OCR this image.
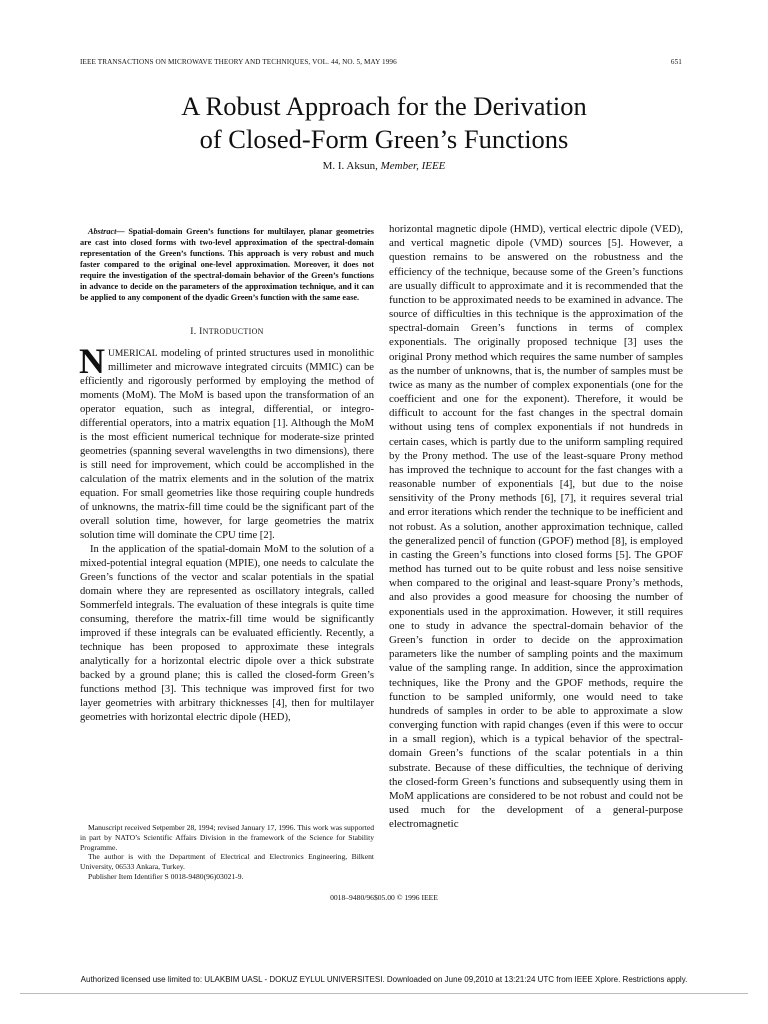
IEEE TRANSACTIONS ON MICROWAVE THEORY AND TECHNIQUES, VOL. 44, NO. 5, MAY 1996	651
A Robust Approach for the Derivation
of Closed-Form Green’s Functions
M. I. Aksun, Member, IEEE

Abstract— Spatial-domain Green’s functions for multilayer, planar geometries are cast into closed forms with two-level approximation of the spectral-domain representation of the Green’s functions. This approach is very robust and much faster compared to the original one-level approximation. Moreover, it does not require the investigation of the spectral-domain behavior of the Green’s functions in advance to decide on the parameters of the approximation technique, and it can be applied to any component of the dyadic Green’s function with the same ease.

I. INTRODUCTION

NUMERICAL modeling of printed structures used in monolithic millimeter and microwave integrated circuits (MMIC) can be efficiently and rigorously performed by employing the method of moments (MoM). The MoM is based upon the transformation of an operator equation, such as integral, differential, or integro-differential operators, into a matrix equation [1]. Although the MoM is the most efficient numerical technique for moderate-size printed geometries (spanning several wavelengths in two dimensions), there is still need for improvement, which could be accomplished in the calculation of the matrix elements and in the solution of the matrix equation. For small geometries like those requiring couple hundreds of unknowns, the matrix-fill time could be the significant part of the overall solution time, however, for large geometries the matrix solution time will dominate the CPU time [2].

In the application of the spatial-domain MoM to the solution of a mixed-potential integral equation (MPIE), one needs to calculate the Green’s functions of the vector and scalar potentials in the spatial domain where they are represented as oscillatory integrals, called Sommerfeld integrals. The evaluation of these integrals is quite time consuming, therefore the matrix-fill time would be significantly improved if these integrals can be evaluated efficiently. Recently, a technique has been proposed to approximate these integrals analytically for a horizontal electric dipole over a thick substrate backed by a ground plane; this is called the closed-form Green’s functions method [3]. This technique was improved first for two layer geometries with arbitrary thicknesses [4], then for multilayer geometries with horizontal electric dipole (HED),

horizontal magnetic dipole (HMD), vertical electric dipole (VED), and vertical magnetic dipole (VMD) sources [5]. However, a question remains to be answered on the robustness and the efficiency of the technique, because some of the Green’s functions are usually difficult to approximate and it is recommended that the function to be approximated needs to be examined in advance. The source of difficulties in this technique is the approximation of the spectral-domain Green’s functions in terms of complex exponentials. The originally proposed technique [3] uses the original Prony method which requires the same number of samples as the number of unknowns, that is, the number of samples must be twice as many as the number of complex exponentials (one for the coefficient and one for the exponent). Therefore, it would be difficult to account for the fast changes in the spectral domain without using tens of complex exponentials if not hundreds in certain cases, which is partly due to the uniform sampling required by the Prony method. The use of the least-square Prony method has improved the technique to account for the fast changes with a reasonable number of exponentials [4], but due to the noise sensitivity of the Prony methods [6], [7], it requires several trial and error iterations which render the technique to be inefficient and not robust. As a solution, another approximation technique, called the generalized pencil of function (GPOF) method [8], is employed in casting the Green’s functions into closed forms [5]. The GPOF method has turned out to be quite robust and less noise sensitive when compared to the original and least-square Prony’s methods, and also provides a good measure for choosing the number of exponentials used in the approximation. However, it still requires one to study in advance the spectral-domain behavior of the Green’s function in order to decide on the approximation parameters like the number of sampling points and the maximum value of the sampling range. In addition, since the approximation techniques, like the Prony and the GPOF methods, require the function to be sampled uniformly, one would need to take hundreds of samples in order to be able to approximate a slow converging function with rapid changes (even if this were to occur in a small region), which is a typical behavior of the spectral-domain Green’s functions of the scalar potentials in a thin substrate. Because of these difficulties, the technique of deriving the closed-form Green’s functions and subsequently using them in MoM applications are considered to be not robust and could not be used much for the development of a general-purpose electromagnetic

Manuscript received Setpember 28, 1994; revised January 17, 1996. This work was supported in part by NATO’s Scientific Affairs Division in the framework of the Science for Stability Programme.

The author is with the Department of Electrical and Electronics Engineering, Bilkent University, 06533 Ankara, Turkey.

Publisher Item Identifier S 0018-9480(96)03021-9.

0018–9480/96$05.00 © 1996 IEEE
Authorized licensed use limited to: ULAKBIM UASL - DOKUZ EYLUL UNIVERSITESI. Downloaded on June 09,2010 at 13:21:24 UTC from IEEE Xplore. Restrictions apply.
